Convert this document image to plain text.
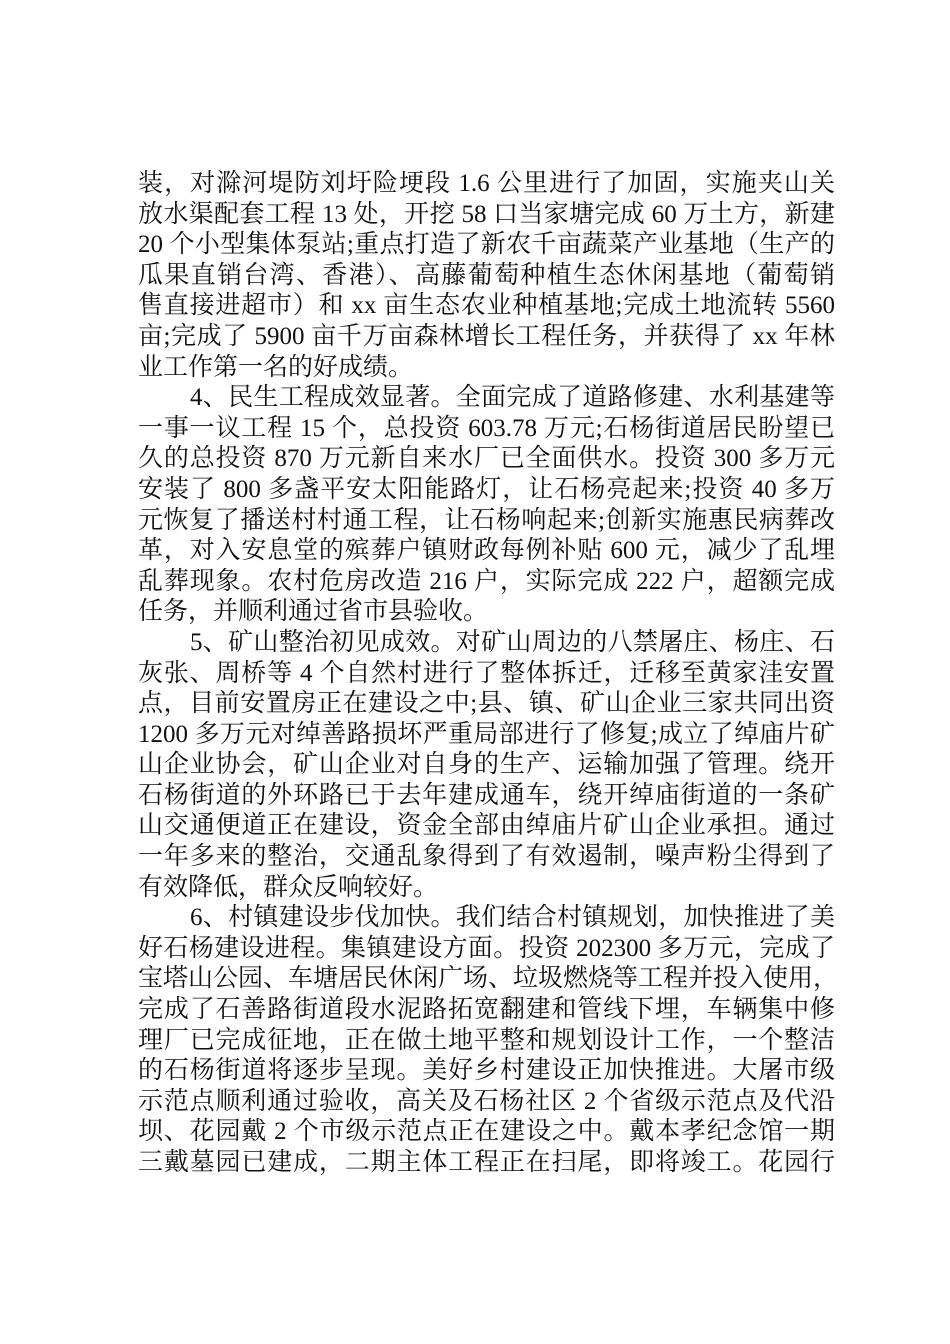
装，对滁河堤防刘圩险埂段 1.6 公里进行了加固，实施夹山关
放水渠配套工程 13 处，开挖 58 口当家塘完成 60 万土方，新建
20 个小型集体泵站;重点打造了新农千亩蔬菜产业基地（生产的
瓜果直销台湾、香港）、高藤葡萄种植生态休闲基地（葡萄销
售直接进超市）和 xx 亩生态农业种植基地;完成土地流转 5560
亩;完成了 5900 亩千万亩森林增长工程任务，并获得了 xx 年林
业工作第一名的好成绩。
4、民生工程成效显著。全面完成了道路修建、水利基建等
一事一议工程 15 个，总投资 603.78 万元;石杨街道居民盼望已
久的总投资 870 万元新自来水厂已全面供水。投资 300 多万元
安装了 800 多盏平安太阳能路灯，让石杨亮起来;投资 40 多万
元恢复了播送村村通工程，让石杨响起来;创新实施惠民病葬改
革，对入安息堂的殡葬户镇财政每例补贴 600 元，减少了乱埋
乱葬现象。农村危房改造 216 户，实际完成 222 户，超额完成
任务，并顺利通过省市县验收。
5、矿山整治初见成效。对矿山周边的八禁屠庄、杨庄、石
灰张、周桥等 4 个自然村进行了整体拆迁，迁移至黄家洼安置
点，目前安置房正在建设之中;县、镇、矿山企业三家共同出资
1200 多万元对绰善路损坏严重局部进行了修复;成立了绰庙片矿
山企业协会，矿山企业对自身的生产、运输加强了管理。绕开
石杨街道的外环路已于去年建成通车，绕开绰庙街道的一条矿
山交通便道正在建设，资金全部由绰庙片矿山企业承担。通过
一年多来的整治，交通乱象得到了有效遏制，噪声粉尘得到了
有效降低，群众反响较好。
6、村镇建设步伐加快。我们结合村镇规划，加快推进了美
好石杨建设进程。集镇建设方面。投资 202300 多万元，完成了
宝塔山公园、车塘居民休闲广场、垃圾燃烧等工程并投入使用，
完成了石善路街道段水泥路拓宽翻建和管线下埋，车辆集中修
理厂已完成征地，正在做土地平整和规划设计工作，一个整洁
的石杨街道将逐步呈现。美好乡村建设正加快推进。大屠市级
示范点顺利通过验收，高关及石杨社区 2 个省级示范点及代沿
坝、花园戴 2 个市级示范点正在建设之中。戴本孝纪念馆一期
三戴墓园已建成，二期主体工程正在扫尾，即将竣工。花园行
